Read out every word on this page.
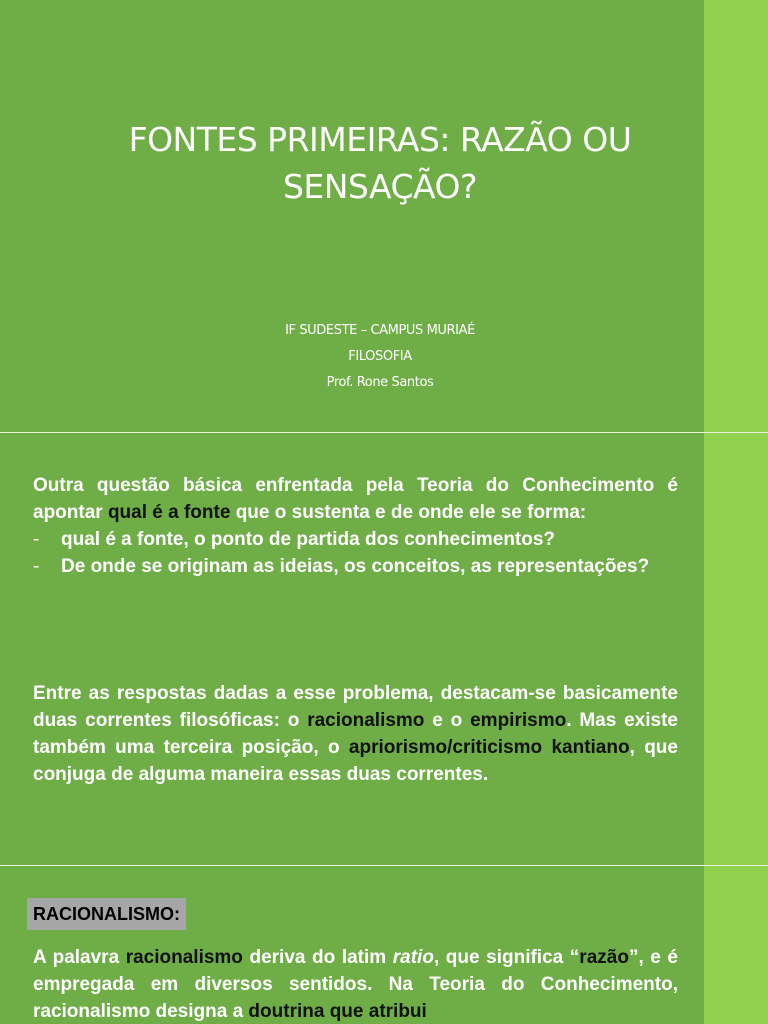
FONTES PRIMEIRAS: RAZÃO OU SENSAÇÃO?
IF SUDESTE – CAMPUS MURIAÉ
FILOSOFIA
Prof. Rone Santos

Outra questão básica enfrentada pela Teoria do Conhecimento é apontar qual é a fonte que o sustenta e de onde ele se forma:

- qual é a fonte, o ponto de partida dos conhecimentos?
- De onde se originam as ideias, os conceitos, as representações?

Entre as respostas dadas a esse problema, destacam-se basicamente duas correntes filosóficas: o racionalismo e o empirismo. Mas existe também uma terceira posição, o apriorismo/criticismo kantiano, que conjuga de alguma maneira essas duas correntes.

RACIONALISMO:

A palavra racionalismo deriva do latim ratio, que significa “razão”, e é empregada em diversos sentidos. Na Teoria do Conhecimento, racionalismo designa a doutrina que atribui
